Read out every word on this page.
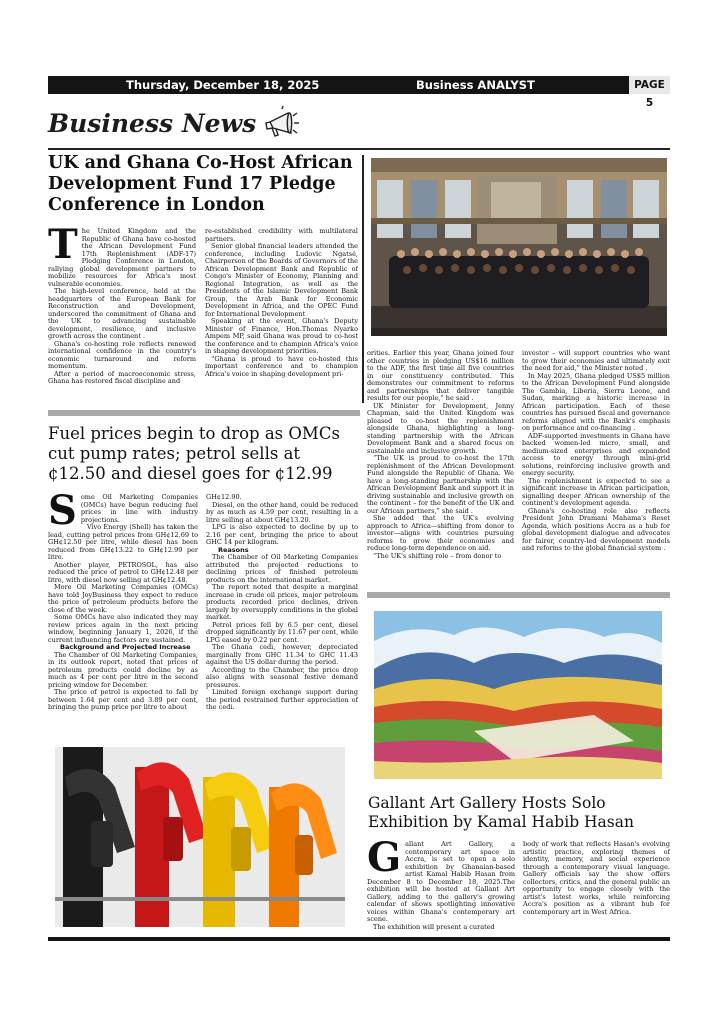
Thursday, December 18, 2025	Business ANALYST	PAGE 5
Business News
UK and Ghana Co-Host African Development Fund 17 Pledge Conference in London
T he United Kingdom and the Republic of Ghana have co-hosted the African Development Fund 17th Replenishment (ADF-17) Pledging Conference in London, rallying global development partners to mobilize resources for Africa's most vulnerable economies.

The high-level conference, held at the headquarters of the European Bank for Reconstruction and Development, underscored the commitment of Ghana and the UK to advancing sustainable development, resilience, and inclusive growth across the continent .

Ghana's co-hosting role reflects renewed international confidence in the country's economic turnaround and reform momentum.

After a period of macroeconomic stress, Ghana has restored fiscal discipline and

re-established credibility with multilateral partners.

Senior global financial leaders attended the conference, including Ludovic Ngatsé, Chairperson of the Boards of Governors of the African Development Bank and Republic of Congo's Minister of Economy, Planning and Regional Integration, as well as the Presidents of the Islamic Development Bank Group, the Arab Bank for Economic Development in Africa, and the OPEC Fund for International Development

Speaking at the event, Ghana's Deputy Minister of Finance, Hon.Thomas Nyarko Ampem MP, said Ghana was proud to co-host the conference and to champion Africa's voice in shaping development priorities.

“Ghana is proud to have co-hosted this important conference and to champion Africa's voice in shaping development pri-

orities. Earlier this year, Ghana joined four other countries in pledging US$16 million to the ADF, the first time all five countries in our constituency contributed. This demonstrates our commitment to reforms and partnerships that deliver tangible results for our people,” he said .

UK Minister for Development, Jenny Chapman, said the United Kingdom was pleased to co-host the replenishment alongside Ghana, highlighting a long-standing partnership with the African Development Bank and a shared focus on sustainable and inclusive growth.

“The UK is proud to co-host the 17th replenishment of the African Development Fund alongside the Republic of Ghana. We have a long-standing partnership with the African Development Bank and support it in driving sustainable and inclusive growth on the continent – for the benefit of the UK and our African partners,” she said .

She added that the UK's evolving approach to Africa—shifting from donor to investor—aligns with countries pursuing reforms to grow their economies and reduce long-term dependence on aid.

“The UK's shifting role – from donor to

investor – will support countries who want to grow their economies and ultimately exit the need for aid,” the Minister noted .

In May 2025, Ghana pledged US$5 million to the African Development Fund alongside The Gambia, Liberia, Sierra Leone, and Sudan, marking a historic increase in African participation. Each of these countries has pursued fiscal and governance reforms aligned with the Bank's emphasis on performance and co-financing .

ADF-supported investments in Ghana have backed women-led micro, small, and medium-sized enterprises and expanded access to energy through mini-grid solutions, reinforcing inclusive growth and energy security.

The replenishment is expected to see a significant increase in African participation, signalling deeper African ownership of the continent's development agenda.

Ghana's co-hosting role also reflects President John Dramani Mahama's Reset Agenda, which positions Accra as a hub for global development dialogue and advocates for fairer, country-led development models and reforms to the global financial system .

Fuel prices begin to drop as OMCs cut pump rates; petrol sells at ¢12.50 and diesel goes for ¢12.99
S ome Oil Marketing Companies (OMCs) have begun reducing fuel prices in line with industry projections.

Vivo Energy (Shell) has taken the lead, cutting petrol prices from GH¢12.69 to GH¢12.50 per litre, while diesel has been reduced from GH¢13.22 to GH¢12.99 per litre.

Another player, PETROSOL, has also reduced the price of petrol to GH¢12.48 per litre, with diesel now selling at GH¢12.48.

More Oil Marketing Companies (OMCs) have told JoyBusiness they expect to reduce the price of petroleum products before the close of the week.

Some OMCs have also indicated they may review prices again in the next pricing window, beginning January 1, 2026, if the current influencing factors are sustained.

Background and Projected Increase

The Chamber of Oil Marketing Companies, in its outlook report, noted that prices of petroleum products could decline by as much as 4 per cent per litre in the second pricing window for December.

The price of petrol is expected to fall by between 1.64 per cent and 3.89 per cent, bringing the pump price per litre to about

GH¢12.90.

Diesel, on the other hand, could be reduced by as much as 4.59 per cent, resulting in a litre selling at about GH¢13.20.

LPG is also expected to decline by up to 2.16 per cent, bringing the price to about GHC 14 per kilogram.

Reasons

The Chamber of Oil Marketing Companies attributed the projected reductions to declining prices of finished petroleum products on the international market.

The report noted that despite a marginal increase in crude oil prices, major petroleum products recorded price declines, driven largely by oversupply conditions in the global market.

Petrol prices fell by 6.5 per cent, diesel dropped significantly by 11.67 per cent, while LPG eased by 0.22 per cent.

The Ghana cedi, however, depreciated marginally from GHC 11.34 to GHC 11.43 against the US dollar during the period.

According to the Chamber, the price drop also aligns with seasonal festive demand pressures.

Limited foreign exchange support during the period restrained further appreciation of the cedi.

Gallant Art Gallery Hosts Solo Exhibition by Kamal Habib Hasan
G allant Art Gallery, a contemporary art space in Accra, is set to open a solo exhibition by Ghanaian-based artist Kamal Habib Hasan from December 8 to December 18, 2025.The exhibition will be hosted at Gallant Art Gallery, adding to the gallery's growing calendar of shows spotlighting innovative voices within Ghana's contemporary art scene.

The exhibition will present a curated

body of work that reflects Hasan's evolving artistic practice, exploring themes of identity, memory, and social experience through a contemporary visual language. Gallery officials say the show offers collectors, critics, and the general public an opportunity to engage closely with the artist's latest works, while reinforcing Accra's position as a vibrant hub for contemporary art in West Africa.
